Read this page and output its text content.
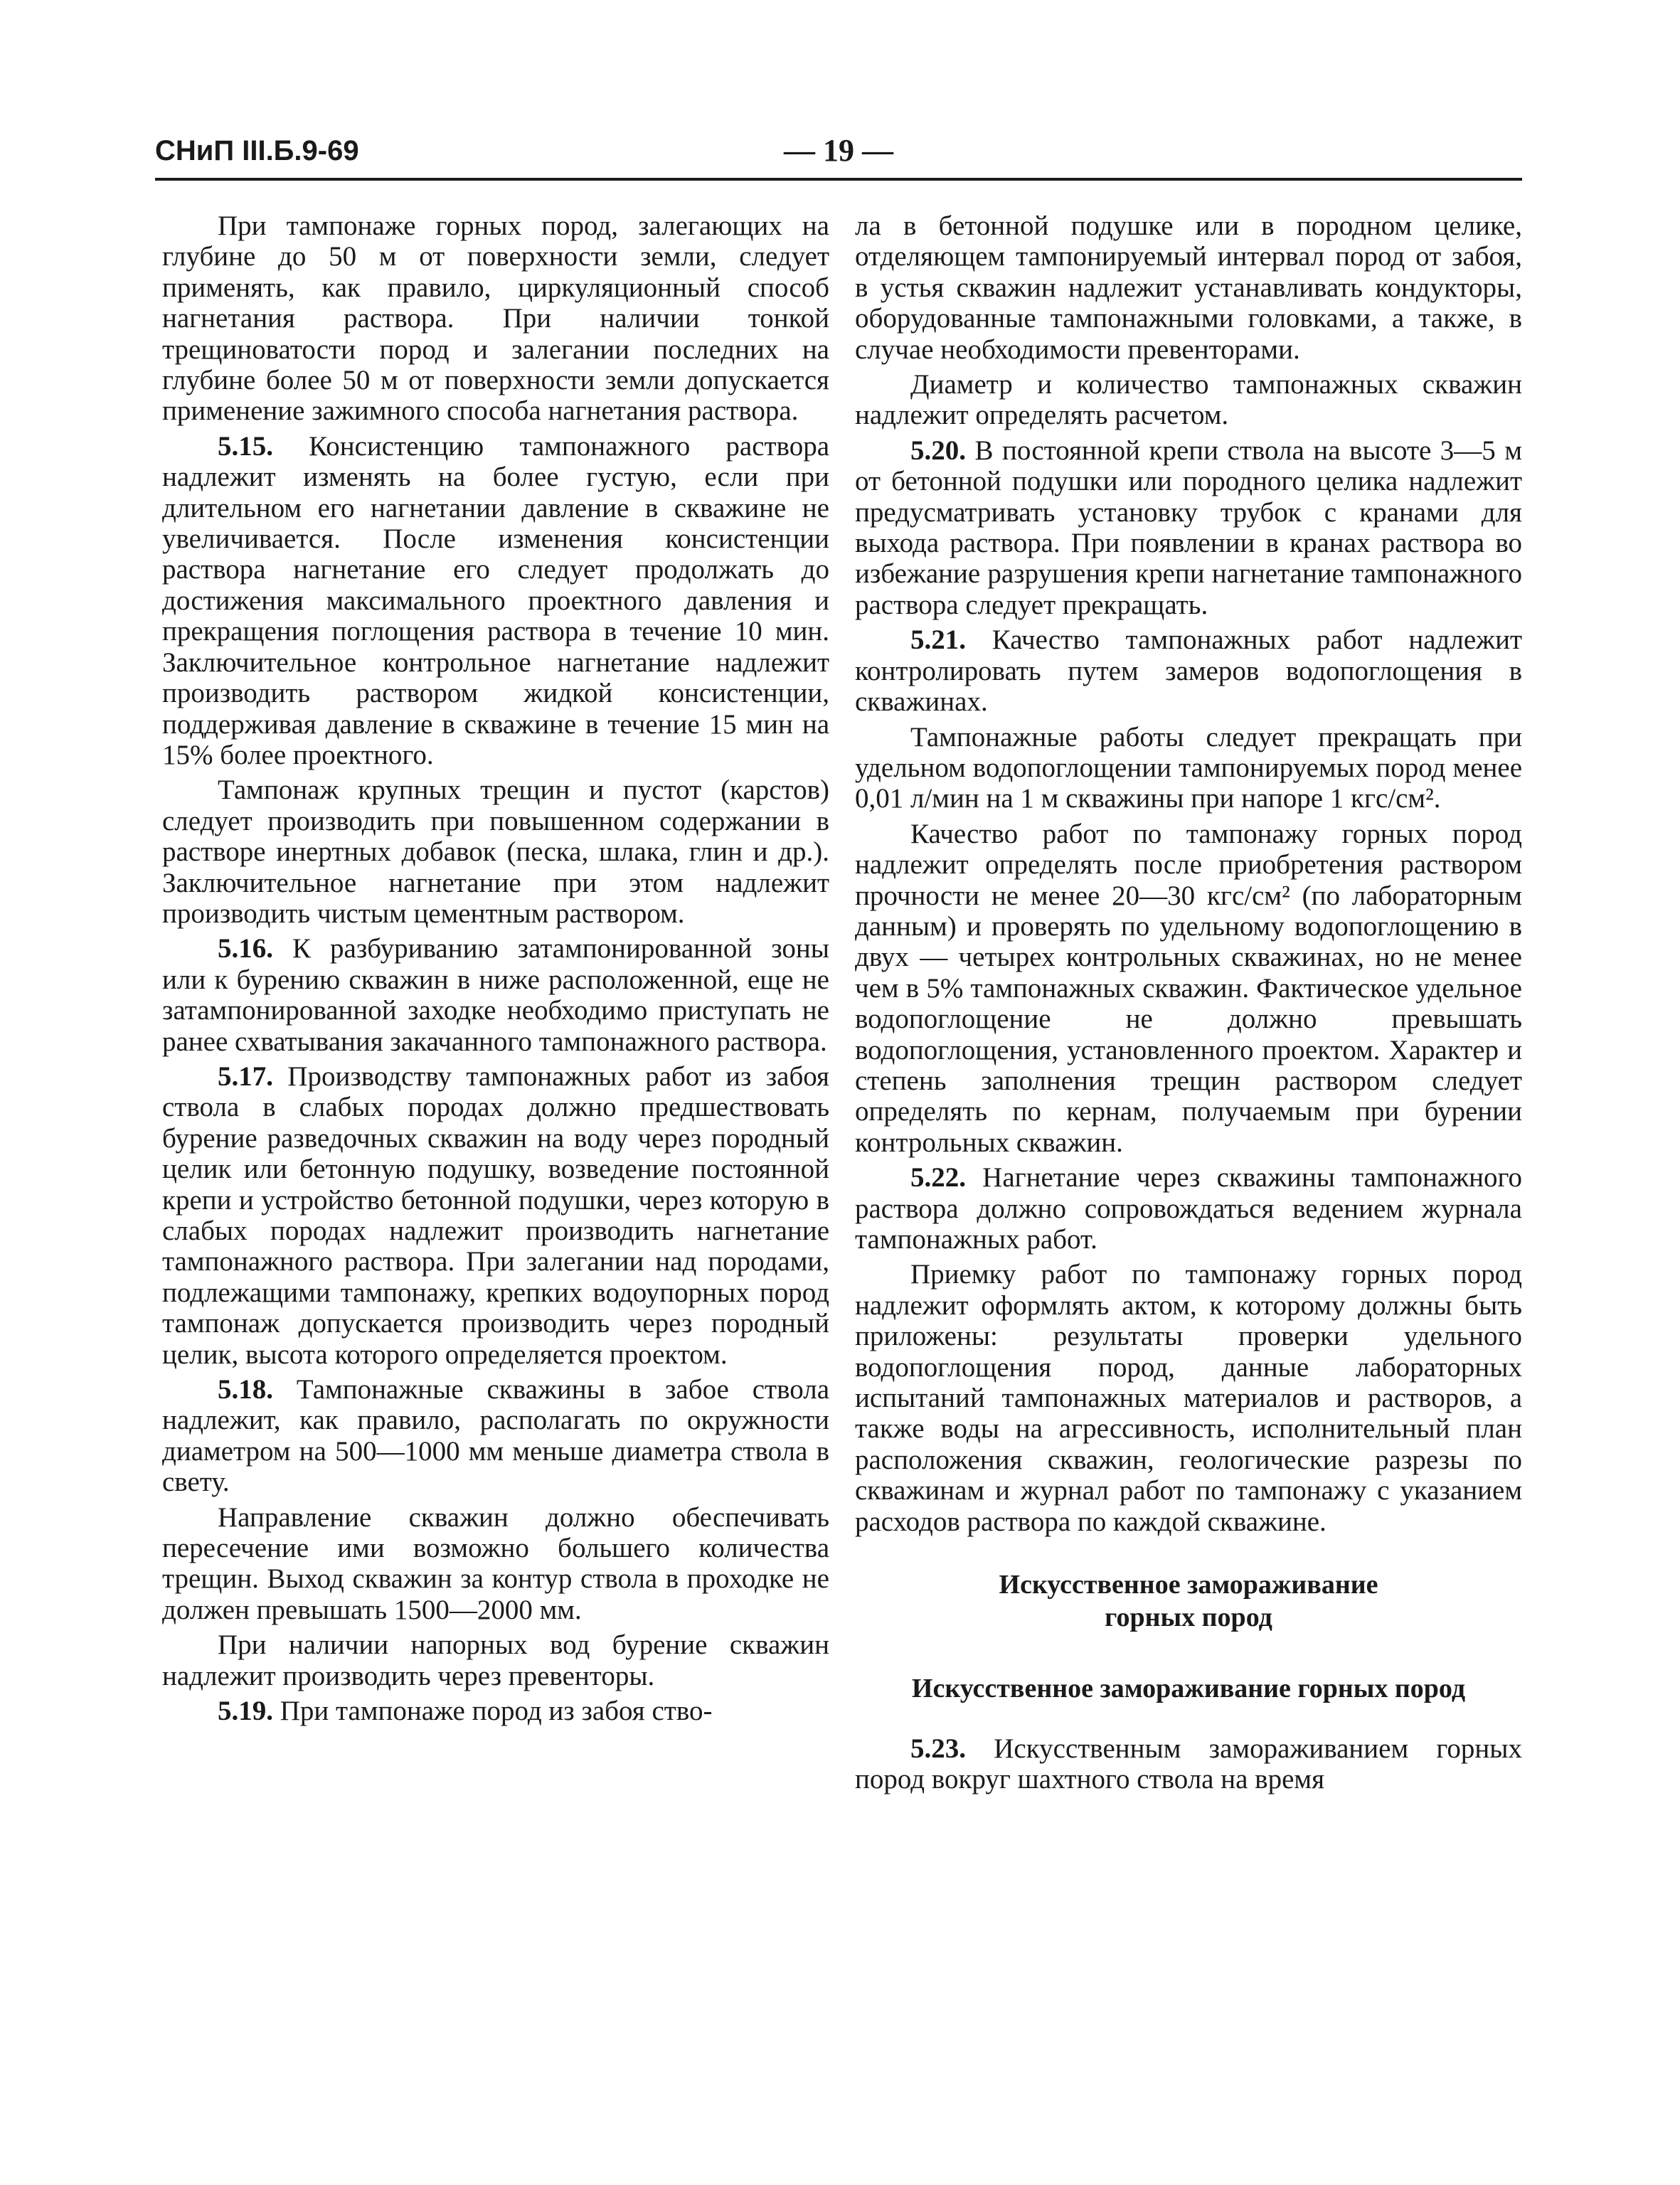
СНиП III.Б.9-69	— 19 —

При тампонаже горных пород, залегающих на глубине до 50 м от поверхности земли, следует применять, как правило, циркуляционный способ нагнетания раствора. При наличии тонкой трещиноватости пород и залегании последних на глубине более 50 м от поверхности земли допускается применение зажимного способа нагнетания раствора.

5.15. Консистенцию тампонажного раствора надлежит изменять на более густую, если при длительном его нагнетании давление в скважине не увеличивается. После изменения консистенции раствора нагнетание его следует продолжать до достижения максимального проектного давления и прекращения поглощения раствора в течение 10 мин. Заключительное контрольное нагнетание надлежит производить раствором жидкой консистенции, поддерживая давление в скважине в течение 15 мин на 15% более проектного.

Тампонаж крупных трещин и пустот (карстов) следует производить при повышенном содержании в растворе инертных добавок (песка, шлака, глин и др.). Заключительное нагнетание при этом надлежит производить чистым цементным раствором.

5.16. К разбуриванию затампонированной зоны или к бурению скважин в ниже расположенной, еще не затампонированной заходке необходимо приступать не ранее схватывания закачанного тампонажного раствора.

5.17. Производству тампонажных работ из забоя ствола в слабых породах должно предшествовать бурение разведочных скважин на воду через породный целик или бетонную подушку, возведение постоянной крепи и устройство бетонной подушки, через которую в слабых породах надлежит производить нагнетание тампонажного раствора. При залегании над породами, подлежащими тампонажу, крепких водоупорных пород тампонаж допускается производить через породный целик, высота которого определяется проектом.

5.18. Тампонажные скважины в забое ствола надлежит, как правило, располагать по окружности диаметром на 500—1000 мм меньше диаметра ствола в свету.

Направление скважин должно обеспечивать пересечение ими возможно большего количества трещин. Выход скважин за контур ствола в проходке не должен превышать 1500—2000 мм.

При наличии напорных вод бурение скважин надлежит производить через превенторы.

5.19. При тампонаже пород из забоя ство-

ла в бетонной подушке или в породном целике, отделяющем тампонируемый интервал пород от забоя, в устья скважин надлежит устанавливать кондукторы, оборудованные тампонажными головками, а также, в случае необходимости превенторами.

Диаметр и количество тампонажных скважин надлежит определять расчетом.

5.20. В постоянной крепи ствола на высоте 3—5 м от бетонной подушки или породного целика надлежит предусматривать установку трубок с кранами для выхода раствора. При появлении в кранах раствора во избежание разрушения крепи нагнетание тампонажного раствора следует прекращать.

5.21. Качество тампонажных работ надлежит контролировать путем замеров водопоглощения в скважинах.

Тампонажные работы следует прекращать при удельном водопоглощении тампонируемых пород менее 0,01 л/мин на 1 м скважины при напоре 1 кгс/см².

Качество работ по тампонажу горных пород надлежит определять после приобретения раствором прочности не менее 20—30 кгс/см² (по лабораторным данным) и проверять по удельному водопоглощению в двух — четырех контрольных скважинах, но не менее чем в 5% тампонажных скважин. Фактическое удельное водопоглощение не должно превышать водопоглощения, установленного проектом. Характер и степень заполнения трещин раствором следует определять по кернам, получаемым при бурении контрольных скважин.

5.22. Нагнетание через скважины тампонажного раствора должно сопровождаться ведением журнала тампонажных работ.

Приемку работ по тампонажу горных пород надлежит оформлять актом, к которому должны быть приложены: результаты проверки удельного водопоглощения пород, данные лабораторных испытаний тампонажных материалов и растворов, а также воды на агрессивность, исполнительный план расположения скважин, геологические разрезы по скважинам и журнал работ по тампонажу с указанием расходов раствора по каждой скважине.

Искусственное замораживание
горных пород
Искусственное замораживание горных пород

5.23. Искусственным замораживанием горных пород вокруг шахтного ствола на время
